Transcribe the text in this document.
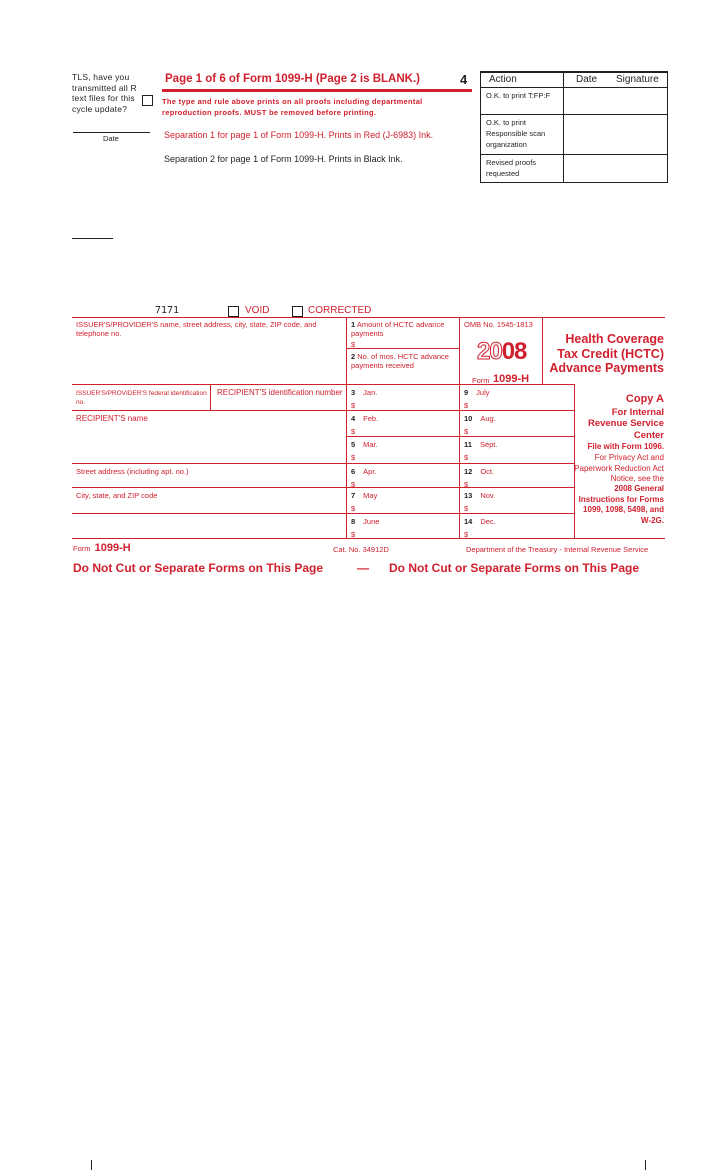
TLS, have you transmitted all R text files for this cycle update?
Date
Page 1 of 6 of Form 1099-H (Page 2 is BLANK.)	4
The type and rule above prints on all proofs including departmental reproduction proofs. MUST be removed before printing.
Separation 1 for page 1 of Form 1099-H. Prints in Red (J-6983) Ink.
Separation 2 for page 1 of Form 1099-H. Prints in Black Ink.
Action	Date Signature
O.K. to print T:FP:F
O.K. to print Responsible scan organization
Revised proofs requested
7171	VOID	CORRECTED
ISSUER'S/PROVIDER'S name, street address, city, state, ZIP code, and telephone no.
ISSUER'S/PROVIDER'S federal identification no.
RECIPIENT'S identification number
RECIPIENT'S name
Street address (including apt. no.)
City, state, and ZIP code
1 Amount of HCTC advance payments
$
2 No. of mos. HCTC advance payments received
OMB No. 1545-1813
2008
Form 1099-H
Health Coverage Tax Credit (HCTC) Advance Payments
3 Jan.
$
4 Feb.
$
5 Mar.
$
6 Apr.
$
7 May
$
8 June
$
9 July
$
10 Aug.
$
11 Sept.
$
12 Oct.
$
13 Nov.
$
14 Dec.
$
Copy A
For Internal Revenue Service Center
File with Form 1096.
For Privacy Act and Paperwork Reduction Act Notice, see the
2008 General Instructions for Forms 1099, 1098, 5498, and W-2G.
Form 1099-H	Cat. No. 34912D	Department of the Treasury - Internal Revenue Service
Do Not Cut or Separate Forms on This Page	— Do Not Cut or Separate Forms on This Page
